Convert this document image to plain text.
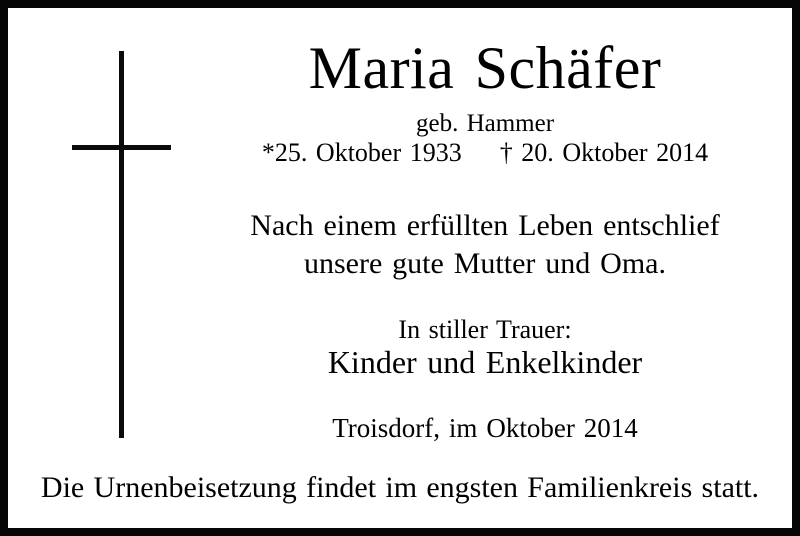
Maria Schäfer
geb. Hammer
*25. Oktober 1933 † 20. Oktober 2014
Nach einem erfüllten Leben entschlief
unsere gute Mutter und Oma.
In stiller Trauer:
Kinder und Enkelkinder
Troisdorf, im Oktober 2014
Die Urnenbeisetzung findet im engsten Familienkreis statt.
